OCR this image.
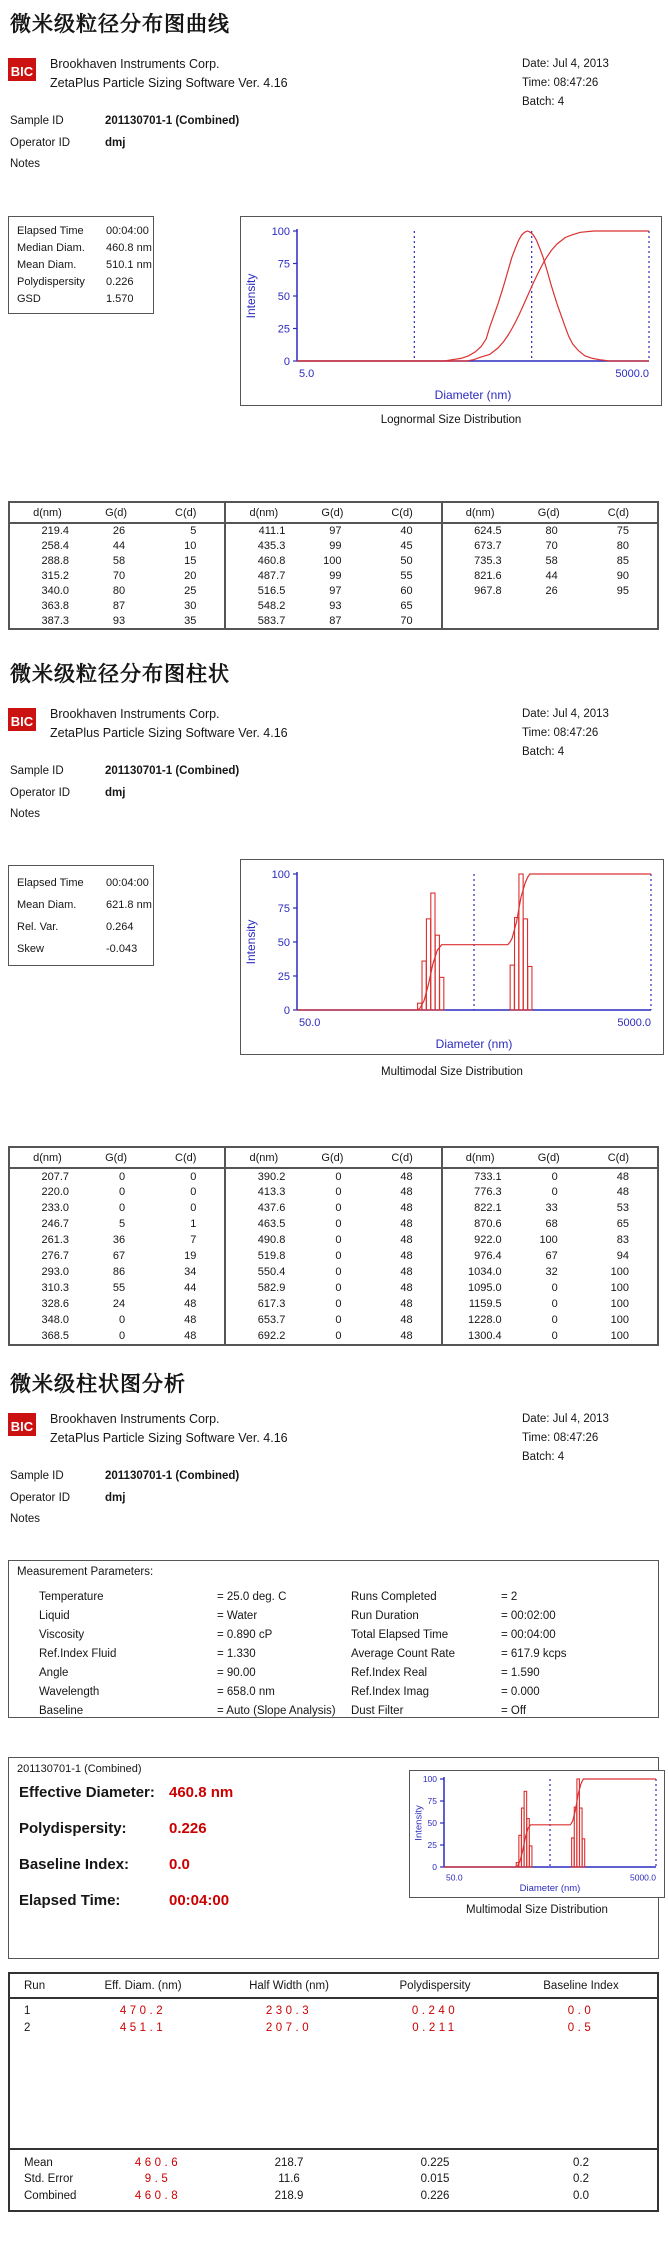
微米级粒径分布图曲线
BIC Brookhaven Instruments Corp.
ZetaPlus Particle Sizing Software Ver. 4.16
Date: Jul 4, 2013
Time: 08:47:26
Batch: 4
Sample ID	201130701-1 (Combined)
Operator ID	dmj
Notes
Elapsed Time	00:04:00
Median Diam.	460.8 nm
Mean Diam.	510.1 nm
Polydispersity	0.226
GSD	1.570
0
25
50
75
100
5.0	5000.0
Diameter (nm)
Intensity
Lognormal Size Distribution
d(nm)	G(d)	C(d)
219.4	26	5
258.4	44	10
288.8	58	15
315.2	70	20
340.0	80	25
363.8	87	30
387.3	93	35
d(nm)	G(d)	C(d)
411.1	97	40
435.3	99	45
460.8	100	50
487.7	99	55
516.5	97	60
548.2	93	65
583.7	87	70
d(nm)	G(d)	C(d)
624.5	80	75
673.7	70	80
735.3	58	85
821.6	44	90
967.8	26	95
微米级粒径分布图柱状
BIC Brookhaven Instruments Corp.
ZetaPlus Particle Sizing Software Ver. 4.16
Date: Jul 4, 2013
Time: 08:47:26
Batch: 4
Sample ID	201130701-1 (Combined)
Operator ID	dmj
Notes
Elapsed Time	00:04:00
Mean Diam.	621.8 nm
Rel. Var.	0.264
Skew	-0.043
0
25
50
75
100
50.0	5000.0
Diameter (nm)
Intensity
Multimodal Size Distribution
d(nm)	G(d)	C(d)
207.7	0	0
220.0	0	0
233.0	0	0
246.7	5	1
261.3	36	7
276.7	67	19
293.0	86	34
310.3	55	44
328.6	24	48
348.0	0	48
368.5	0	48
d(nm)	G(d)	C(d)
390.2	0	48
413.3	0	48
437.6	0	48
463.5	0	48
490.8	0	48
519.8	0	48
550.4	0	48
582.9	0	48
617.3	0	48
653.7	0	48
692.2	0	48
d(nm)	G(d)	C(d)
733.1	0	48
776.3	0	48
822.1	33	53
870.6	68	65
922.0	100	83
976.4	67	94
1034.0	32	100
1095.0	0	100
1159.5	0	100
1228.0	0	100
1300.4	0	100
微米级柱状图分析
BIC Brookhaven Instruments Corp.
ZetaPlus Particle Sizing Software Ver. 4.16
Date: Jul 4, 2013
Time: 08:47:26
Batch: 4
Sample ID	201130701-1 (Combined)
Operator ID	dmj
Notes
Measurement Parameters:
Temperature	= 25.0 deg. C
Liquid	= Water
Viscosity	= 0.890 cP
Ref.Index Fluid	= 1.330
Angle	= 90.00
Wavelength	= 658.0 nm
Baseline	= Auto (Slope Analysis)
Runs Completed	= 2
Run Duration	= 00:02:00
Total Elapsed Time	= 00:04:00
Average Count Rate	= 617.9 kcps
Ref.Index Real	= 1.590
Ref.Index Imag	= 0.000
Dust Filter	= Off
201130701-1 (Combined)
Effective Diameter: 460.8 nm
Polydispersity:	0.226
Baseline Index:	0.0
Elapsed Time:	00:04:00
0
25
50
75
100
50.0	5000.0
Diameter (nm)
Intensity
Multimodal Size Distribution
Run	Eff. Diam. (nm)	Half Width (nm)	Polydispersity	Baseline Index
1	470.2	230.3	0.240	0.0
2	451.1	207.0	0.211	0.5
Mean	460.6	218.7	0.225	0.2
Std. Error	9.5	11.6	0.015	0.2
Combined	460.8	218.9	0.226	0.0
